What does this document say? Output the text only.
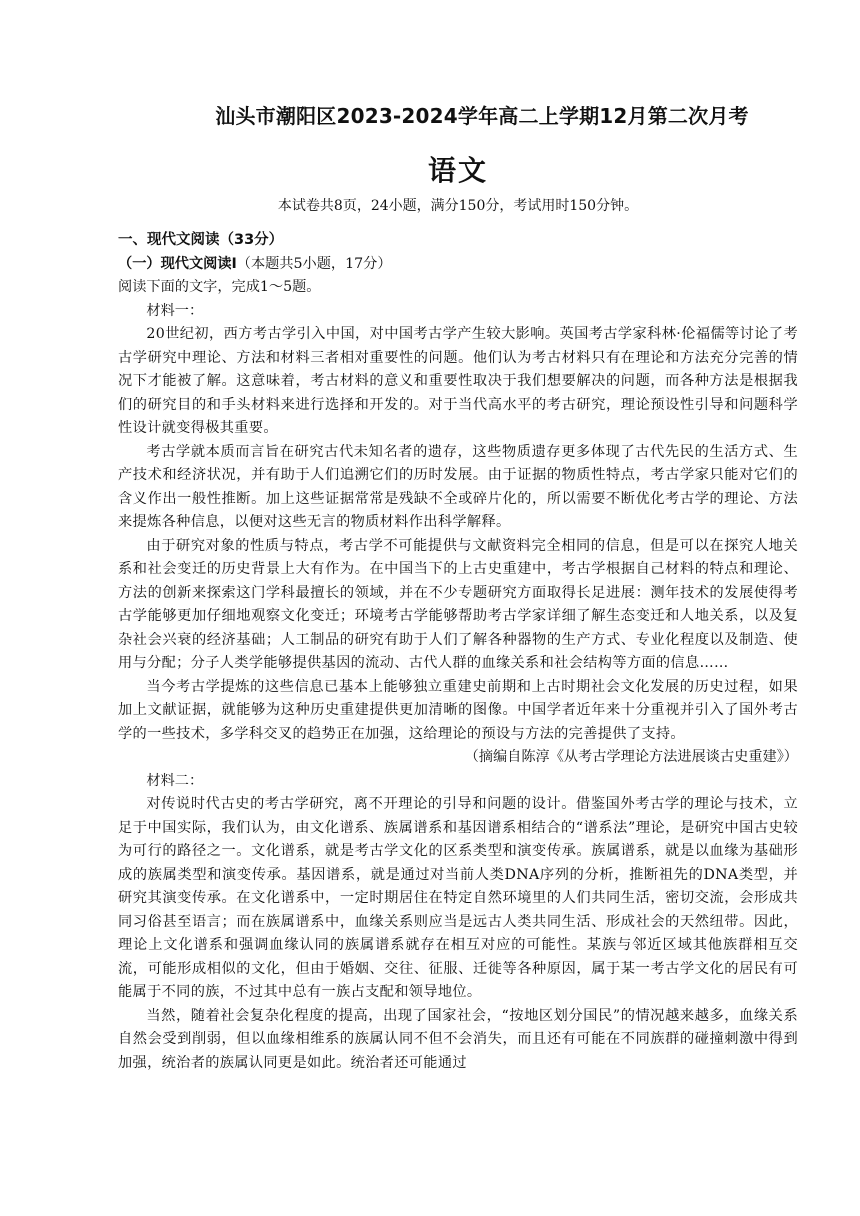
汕头市潮阳区2023-2024学年高二上学期12月第二次月考
语文
本试卷共8页，24小题，满分150分，考试用时150分钟。

一、现代文阅读（33分）

（一）现代文阅读Ⅰ（本题共5小题，17分）

阅读下面的文字，完成1～5题。

材料一：

20世纪初，西方考古学引入中国，对中国考古学产生较大影响。英国考古学家科林·伦福儒等讨论了考古学研究中理论、方法和材料三者相对重要性的问题。他们认为考古材料只有在理论和方法充分完善的情况下才能被了解。这意味着，考古材料的意义和重要性取决于我们想要解决的问题，而各种方法是根据我们的研究目的和手头材料来进行选择和开发的。对于当代高水平的考古研究，理论预设性引导和问题科学性设计就变得极其重要。

考古学就本质而言旨在研究古代未知名者的遗存，这些物质遗存更多体现了古代先民的生活方式、生产技术和经济状况，并有助于人们追溯它们的历时发展。由于证据的物质性特点，考古学家只能对它们的含义作出一般性推断。加上这些证据常常是残缺不全或碎片化的，所以需要不断优化考古学的理论、方法来提炼各种信息，以便对这些无言的物质材料作出科学解释。

由于研究对象的性质与特点，考古学不可能提供与文献资料完全相同的信息，但是可以在探究人地关系和社会变迁的历史背景上大有作为。在中国当下的上古史重建中，考古学根据自己材料的特点和理论、方法的创新来探索这门学科最擅长的领域，并在不少专题研究方面取得长足进展：测年技术的发展使得考古学能够更加仔细地观察文化变迁；环境考古学能够帮助考古学家详细了解生态变迁和人地关系，以及复杂社会兴衰的经济基础；人工制品的研究有助于人们了解各种器物的生产方式、专业化程度以及制造、使用与分配；分子人类学能够提供基因的流动、古代人群的血缘关系和社会结构等方面的信息……

当今考古学提炼的这些信息已基本上能够独立重建史前期和上古时期社会文化发展的历史过程，如果加上文献证据，就能够为这种历史重建提供更加清晰的图像。中国学者近年来十分重视并引入了国外考古学的一些技术，多学科交叉的趋势正在加强，这给理论的预设与方法的完善提供了支持。

（摘编自陈淳《从考古学理论方法进展谈古史重建》）

材料二：

对传说时代古史的考古学研究，离不开理论的引导和问题的设计。借鉴国外考古学的理论与技术，立足于中国实际，我们认为，由文化谱系、族属谱系和基因谱系相结合的“谱系法”理论，是研究中国古史较为可行的路径之一。文化谱系，就是考古学文化的区系类型和演变传承。族属谱系，就是以血缘为基础形成的族属类型和演变传承。基因谱系，就是通过对当前人类DNA序列的分析，推断祖先的DNA类型，并研究其演变传承。在文化谱系中，一定时期居住在特定自然环境里的人们共同生活，密切交流，会形成共同习俗甚至语言；而在族属谱系中，血缘关系则应当是远古人类共同生活、形成社会的天然纽带。因此，理论上文化谱系和强调血缘认同的族属谱系就存在相互对应的可能性。某族与邻近区域其他族群相互交流，可能形成相似的文化，但由于婚姻、交往、征服、迁徙等各种原因，属于某一考古学文化的居民有可能属于不同的族，不过其中总有一族占支配和领导地位。

当然，随着社会复杂化程度的提高，出现了国家社会，“按地区划分国民”的情况越来越多，血缘关系自然会受到削弱，但以血缘相维系的族属认同不但不会消失，而且还有可能在不同族群的碰撞刺激中得到加强，统治者的族属认同更是如此。统治者还可能通过
